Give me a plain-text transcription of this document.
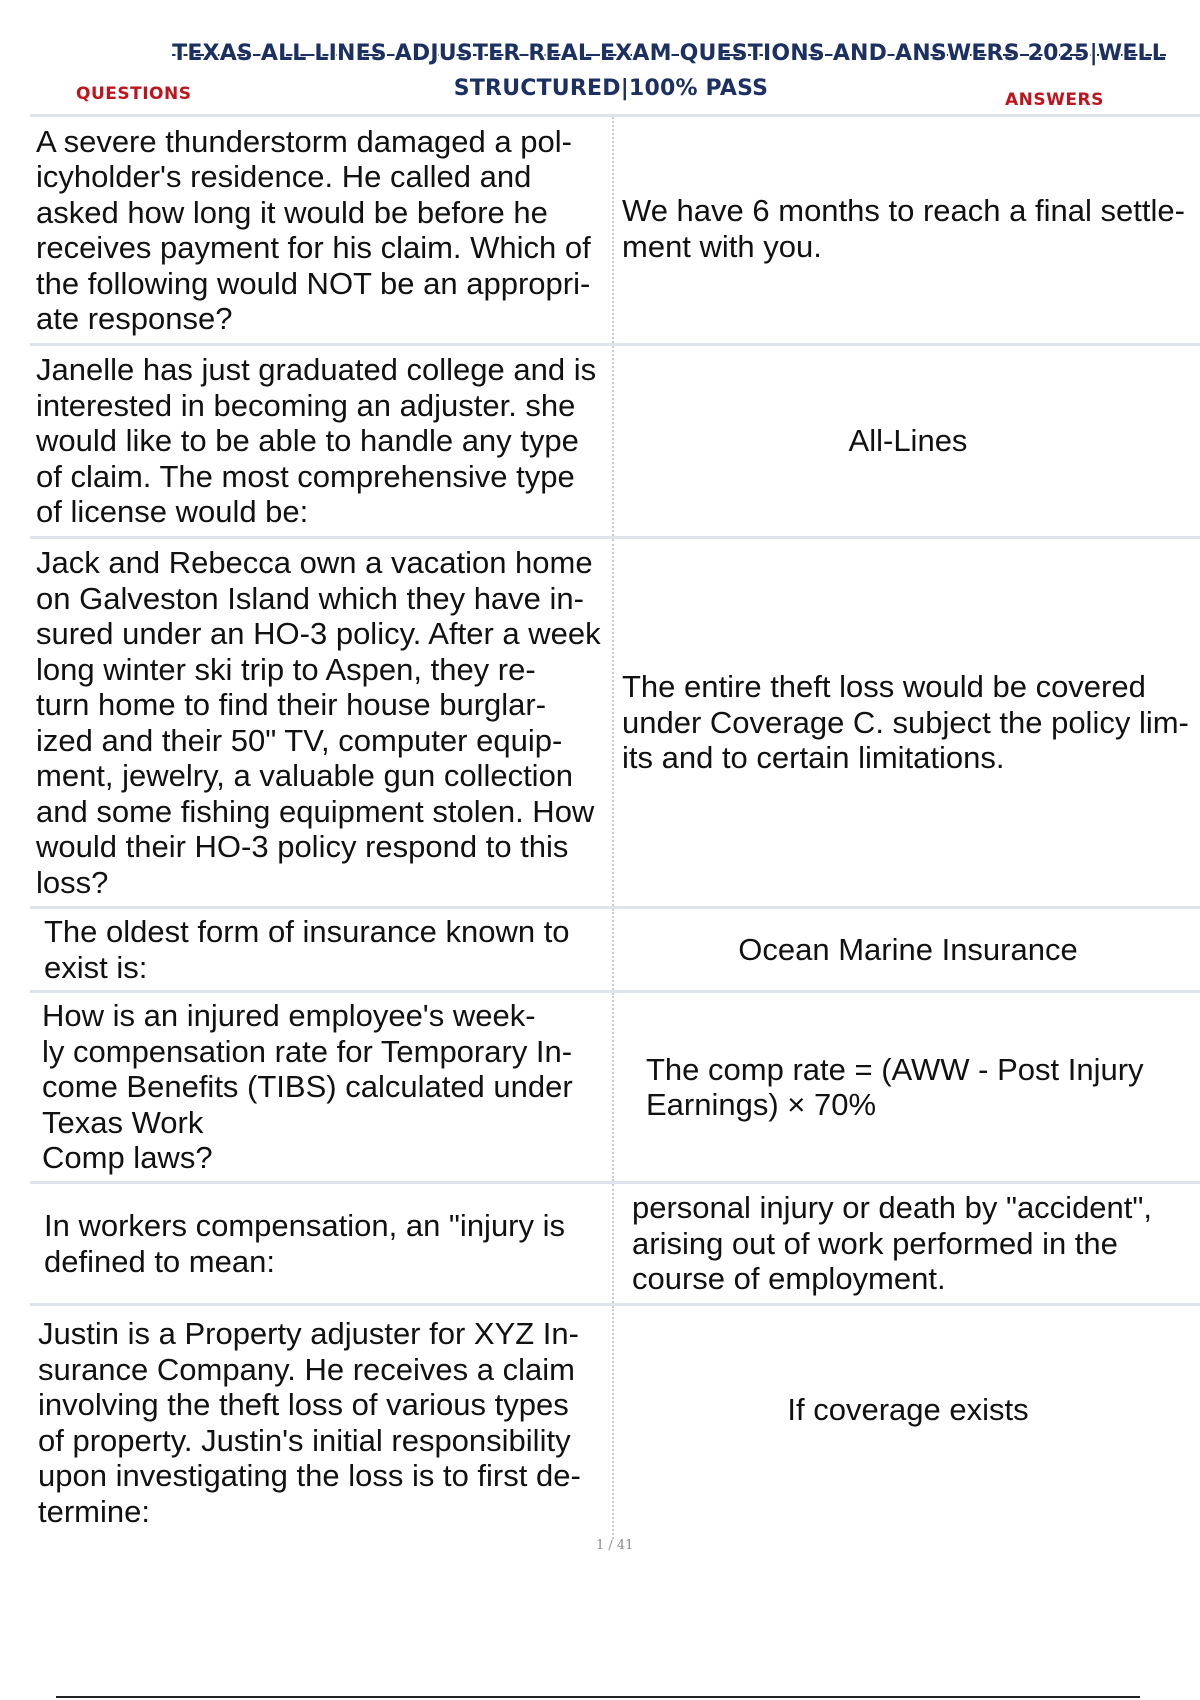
TEXAS ALL LINES ADJUSTER REAL EXAM QUESTIONS AND ANSWERS 2025|WELL
STRUCTURED|100% PASS

QUESTIONS	ANSWERS
A severe thunderstorm damaged a pol-
icyholder's residence. He called and
asked how long it would be before he
receives payment for his claim. Which of
the following would NOT be an appropri-
ate response?
We have 6 months to reach a final settle-
ment with you.
Janelle has just graduated college and is
interested in becoming an adjuster. she
would like to be able to handle any type
of claim. The most comprehensive type
of license would be:
All-Lines
Jack and Rebecca own a vacation home
on Galveston Island which they have in-
sured under an HO-3 policy. After a week
long winter ski trip to Aspen, they re-
turn home to find their house burglar-
ized and their 50" TV, computer equip-
ment, jewelry, a valuable gun collection
and some fishing equipment stolen. How
would their HO-3 policy respond to this
loss?
The entire theft loss would be covered
under Coverage C. subject the policy lim-
its and to certain limitations.
The oldest form of insurance known to
exist is:
Ocean Marine Insurance
How is an injured employee's week-
ly compensation rate for Temporary In-
come Benefits (TIBS) calculated under
Texas Work
Comp laws?
The comp rate = (AWW - Post Injury
Earnings) × 70%
In workers compensation, an "injury is
defined to mean:
personal injury or death by "accident",
arising out of work performed in the
course of employment.
Justin is a Property adjuster for XYZ In-
surance Company. He receives a claim
involving the theft loss of various types
of property. Justin's initial responsibility
upon investigating the loss is to first de-
termine:
If coverage exists
1 / 41
